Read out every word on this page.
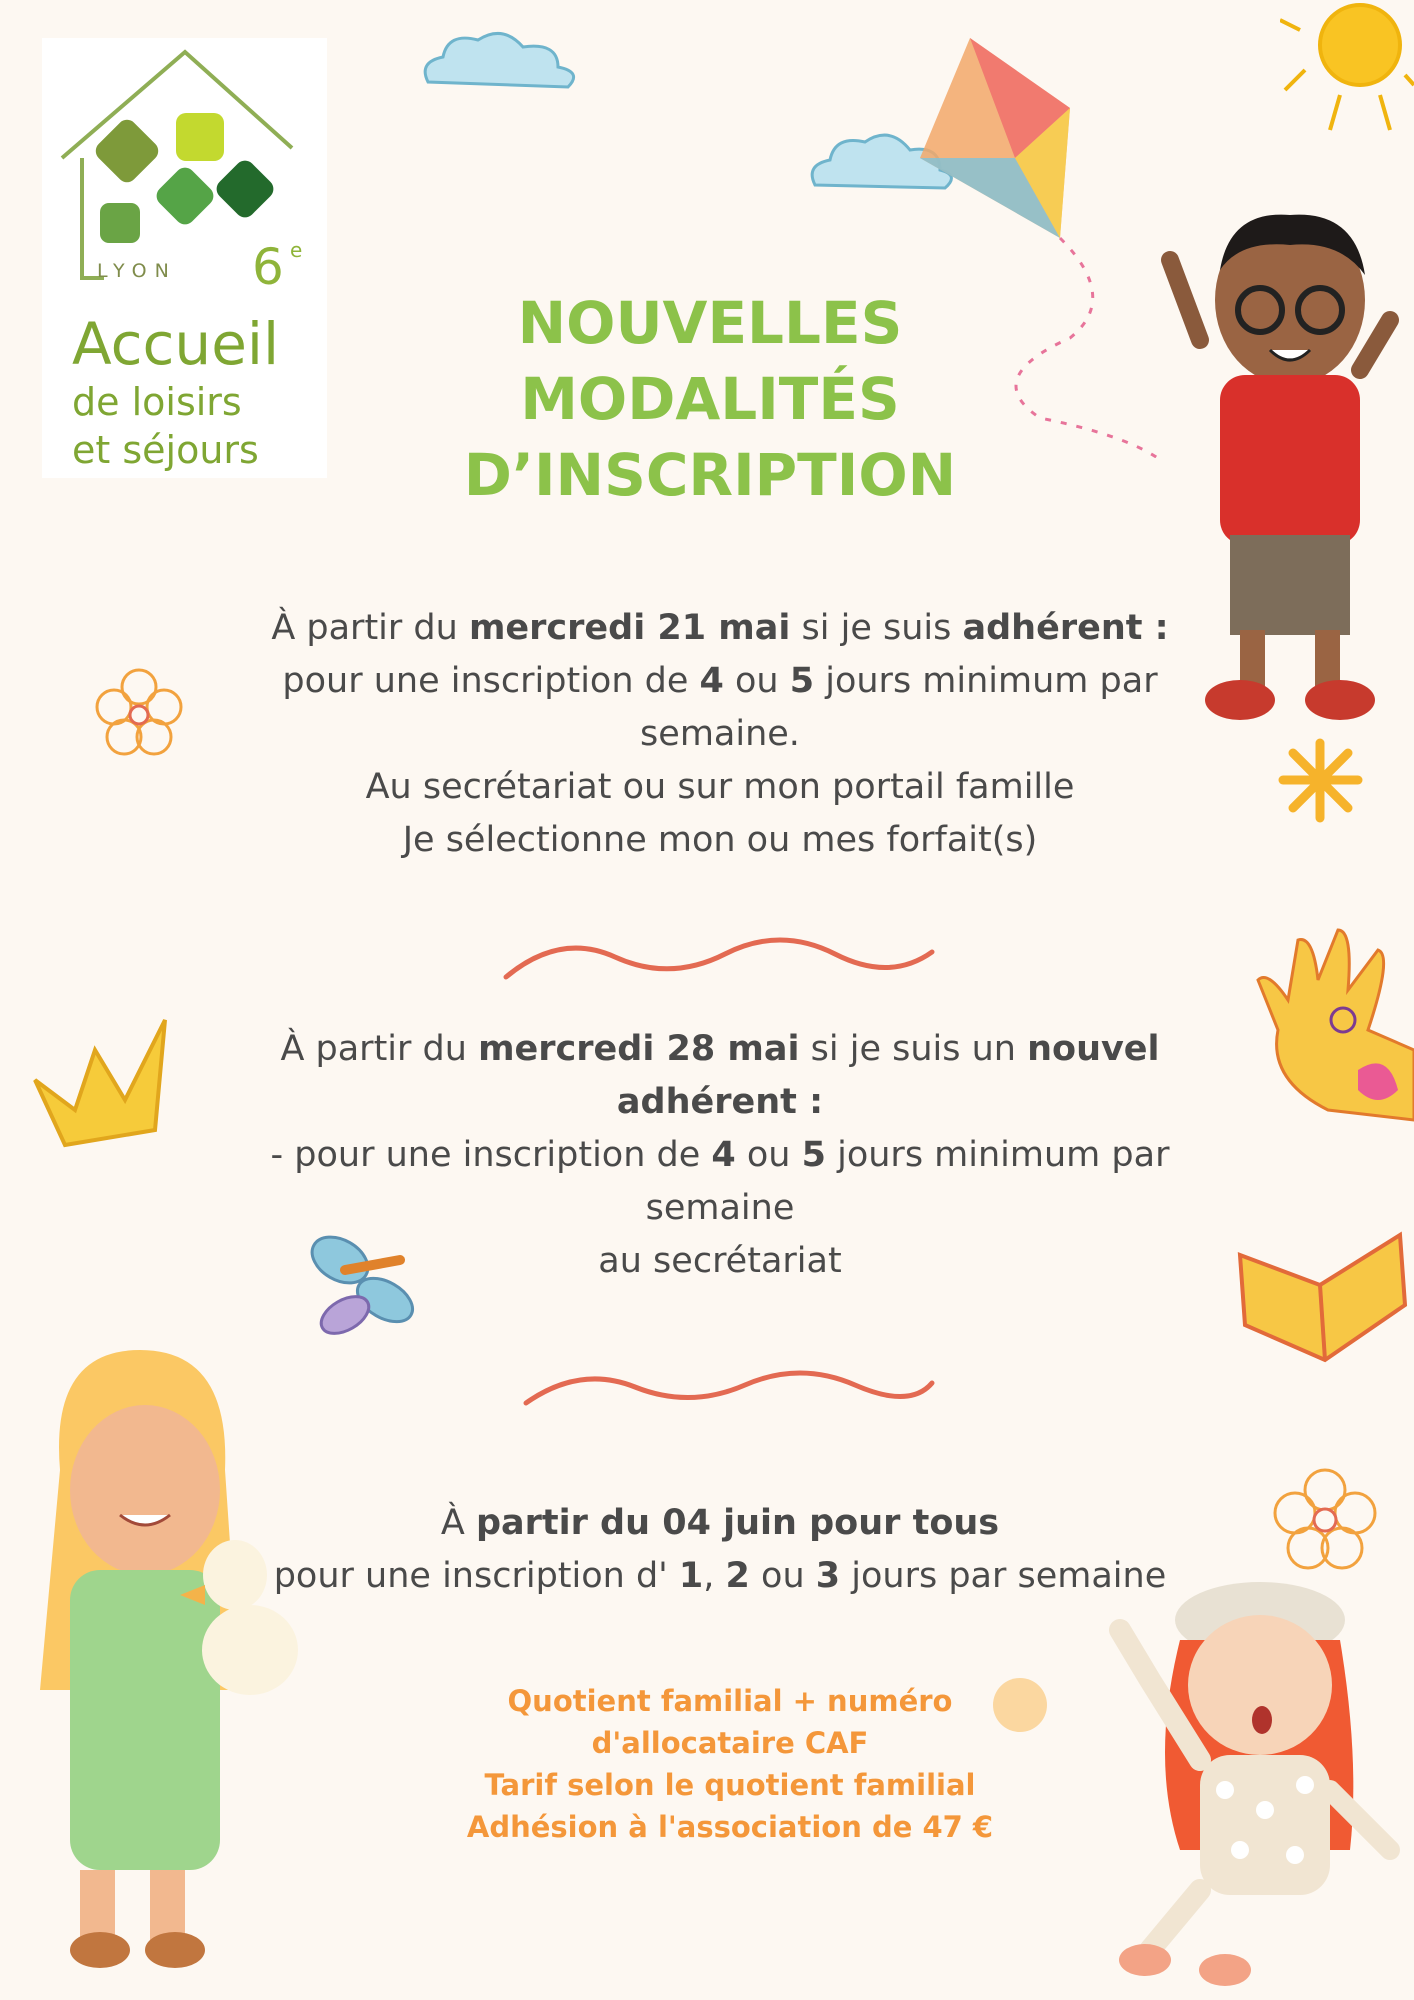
LYON 6 e
Accueil
de loisirs
et séjours
NOUVELLES
MODALITÉS
D’INSCRIPTION

À partir du mercredi 21 mai si je suis adhérent :

pour une inscription de 4 ou 5 jours minimum par

semaine.

Au secrétariat ou sur mon portail famille

Je sélectionne mon ou mes forfait(s)

À partir du mercredi 28 mai si je suis un nouvel

adhérent :

- pour une inscription de 4 ou 5 jours minimum par

semaine

au secrétariat

À partir du 04 juin pour tous

pour une inscription d' 1, 2 ou 3 jours par semaine

Quotient familial + numéro
d'allocataire CAF
Tarif selon le quotient familial
Adhésion à l'association de 47 €
